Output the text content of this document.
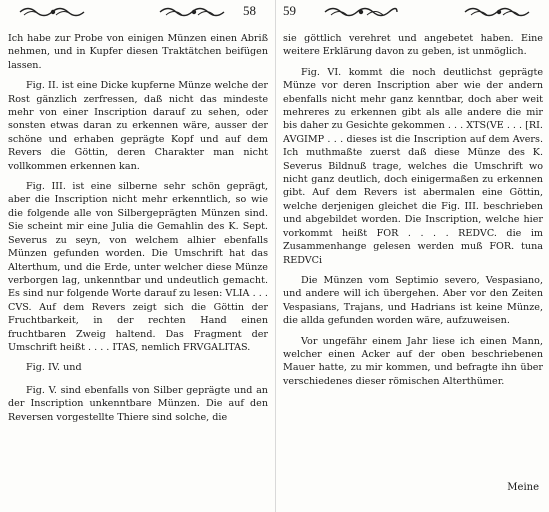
58

Ich habe zur Probe von einigen Münzen einen Abriß nehmen, und in Kupfer diesen Traktätchen beifügen lassen.

Fig. II. ist eine Dicke kupferne Münze welche der Rost gänzlich zerfressen, daß nicht das mindeste mehr von einer Inscription darauf zu sehen, oder sonsten etwas daran zu erkennen wäre, ausser der schöne und erhaben geprägte Kopf und auf dem Revers die Göttin, deren Charakter man nicht vollkommen erkennen kan.

Fig. III. ist eine silberne sehr schön geprägt, aber die Inscription nicht mehr erkenntlich, so wie die folgende alle von Silbergeprägten Münzen sind. Sie scheint mir eine Julia die Gemahlin des K. Sept. Severus zu seyn, von welchem alhier ebenfalls Münzen gefunden worden. Die Umschrift hat das Alterthum, und die Erde, unter welcher diese Münze verborgen lag, unkenntbar und undeutlich gemacht. Es sind nur folgende Worte darauf zu lesen: VLIA . . . CVS. Auf dem Revers zeigt sich die Göttin der Fruchtbarkeit, in der rechten Hand einen fruchtbaren Zweig haltend. Das Fragment der Umschrift heißt . . . . ITAS, nemlich FRVGALITAS.

Fig. IV. und

Fig. V. sind ebenfalls von Silber geprägte und an der Inscription unkenntbare Münzen. Die auf den Reversen vorgestellte Thiere sind solche, die

59

sie göttlich verehret und angebetet haben. Eine weitere Erklärung davon zu geben, ist unmöglich.

Fig. VI. kommt die noch deutlichst geprägte Münze vor deren Inscription aber wie der andern ebenfalls nicht mehr ganz kenntbar, doch aber weit mehreres zu erkennen gibt als alle andere die mir bis daher zu Gesichte gekommen . . . XTS(VE . . . [RI. AVGIMP . . . dieses ist die Inscription auf dem Avers. Ich muthmaßte zuerst daß diese Münze des K. Severus Bildnuß trage, welches die Umschrift wo nicht ganz deutlich, doch einigermaßen zu erkennen gibt. Auf dem Revers ist abermalen eine Göttin, welche derjenigen gleichet die Fig. III. beschrieben und abgebildet worden. Die Inscription, welche hier vorkommt heißt FOR . . . . REDVC. die im Zusammenhange gelesen werden muß FOR. tuna REDVCi

Die Münzen vom Septimio severo, Vespasiano, und andere will ich übergehen. Aber vor den Zeiten Vespasians, Trajans, und Hadrians ist keine Münze, die allda gefunden worden wäre, aufzuweisen.

Vor ungefähr einem Jahr liese ich einen Mann, welcher einen Acker auf der oben beschriebenen Mauer hatte, zu mir kommen, und befragte ihn über verschiedenes dieser römischen Alterthümer.

Meine
